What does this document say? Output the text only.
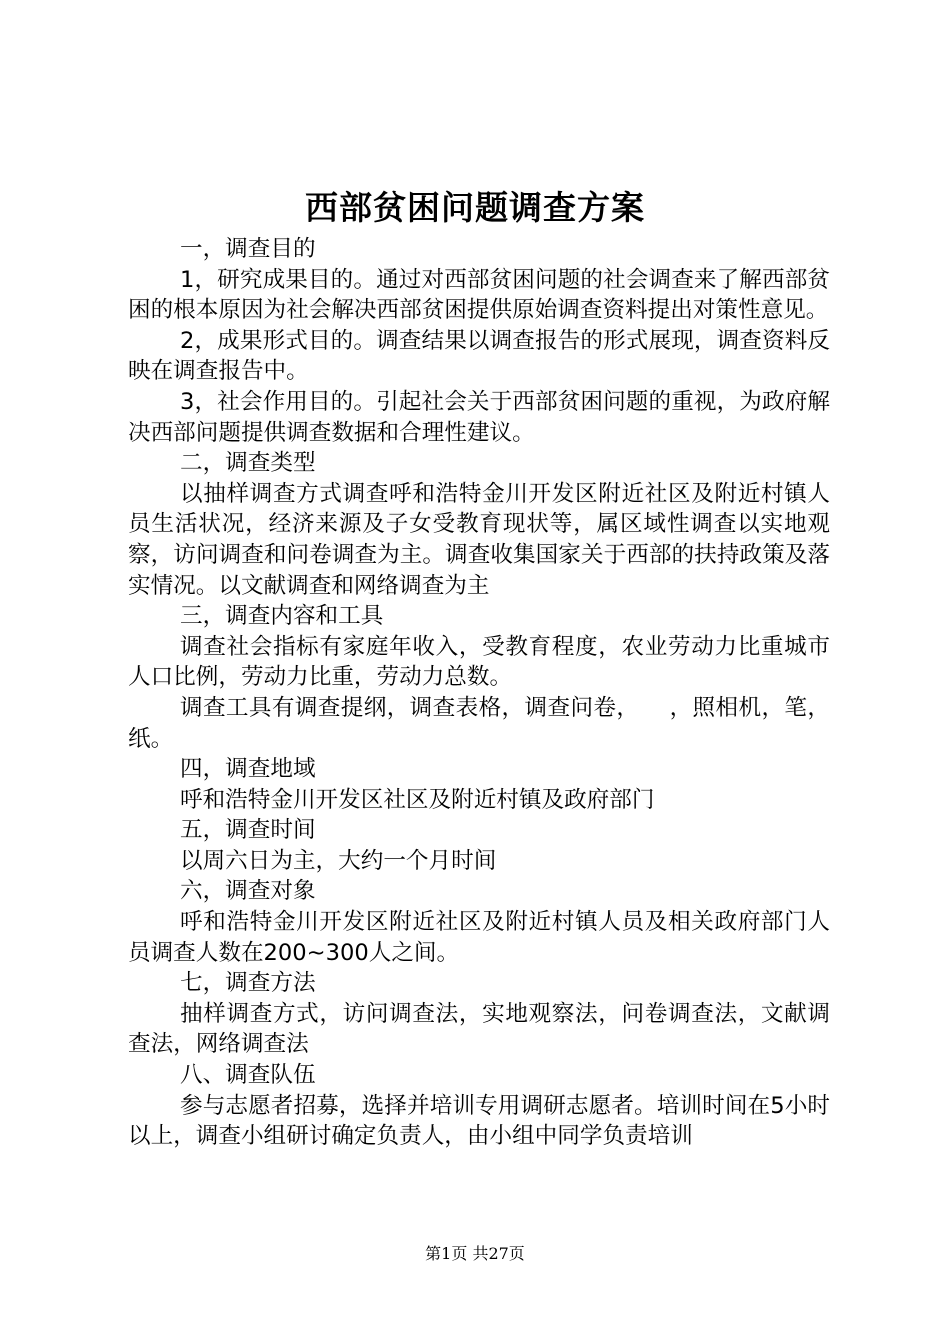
西部贫困问题调查方案

一，调查目的

1，研究成果目的。通过对西部贫困问题的社会调查来了解西部贫困的根本原因为社会解决西部贫困提供原始调查资料提出对策性意见。

2，成果形式目的。调查结果以调查报告的形式展现，调查资料反映在调查报告中。

3，社会作用目的。引起社会关于西部贫困问题的重视，为政府解决西部问题提供调查数据和合理性建议。

二，调查类型

以抽样调查方式调查呼和浩特金川开发区附近社区及附近村镇人员生活状况，经济来源及子女受教育现状等，属区域性调查以实地观察，访问调查和问卷调查为主。调查收集国家关于西部的扶持政策及落实情况。以文献调查和网络调查为主

三，调查内容和工具

调查社会指标有家庭年收入，受教育程度，农业劳动力比重城市人口比例，劳动力比重，劳动力总数。

调查工具有调查提纲，调查表格，调查问卷，    ，照相机，笔，纸。

四，调查地域

呼和浩特金川开发区社区及附近村镇及政府部门

五，调查时间

以周六日为主，大约一个月时间

六，调查对象

呼和浩特金川开发区附近社区及附近村镇人员及相关政府部门人员调查人数在200~300人之间。

七，调查方法

抽样调查方式，访问调查法，实地观察法，问卷调查法，文献调查法，网络调查法

八、调查队伍

参与志愿者招募，选择并培训专用调研志愿者。培训时间在5小时以上，调查小组研讨确定负责人，由小组中同学负责培训

第1页 共27页
